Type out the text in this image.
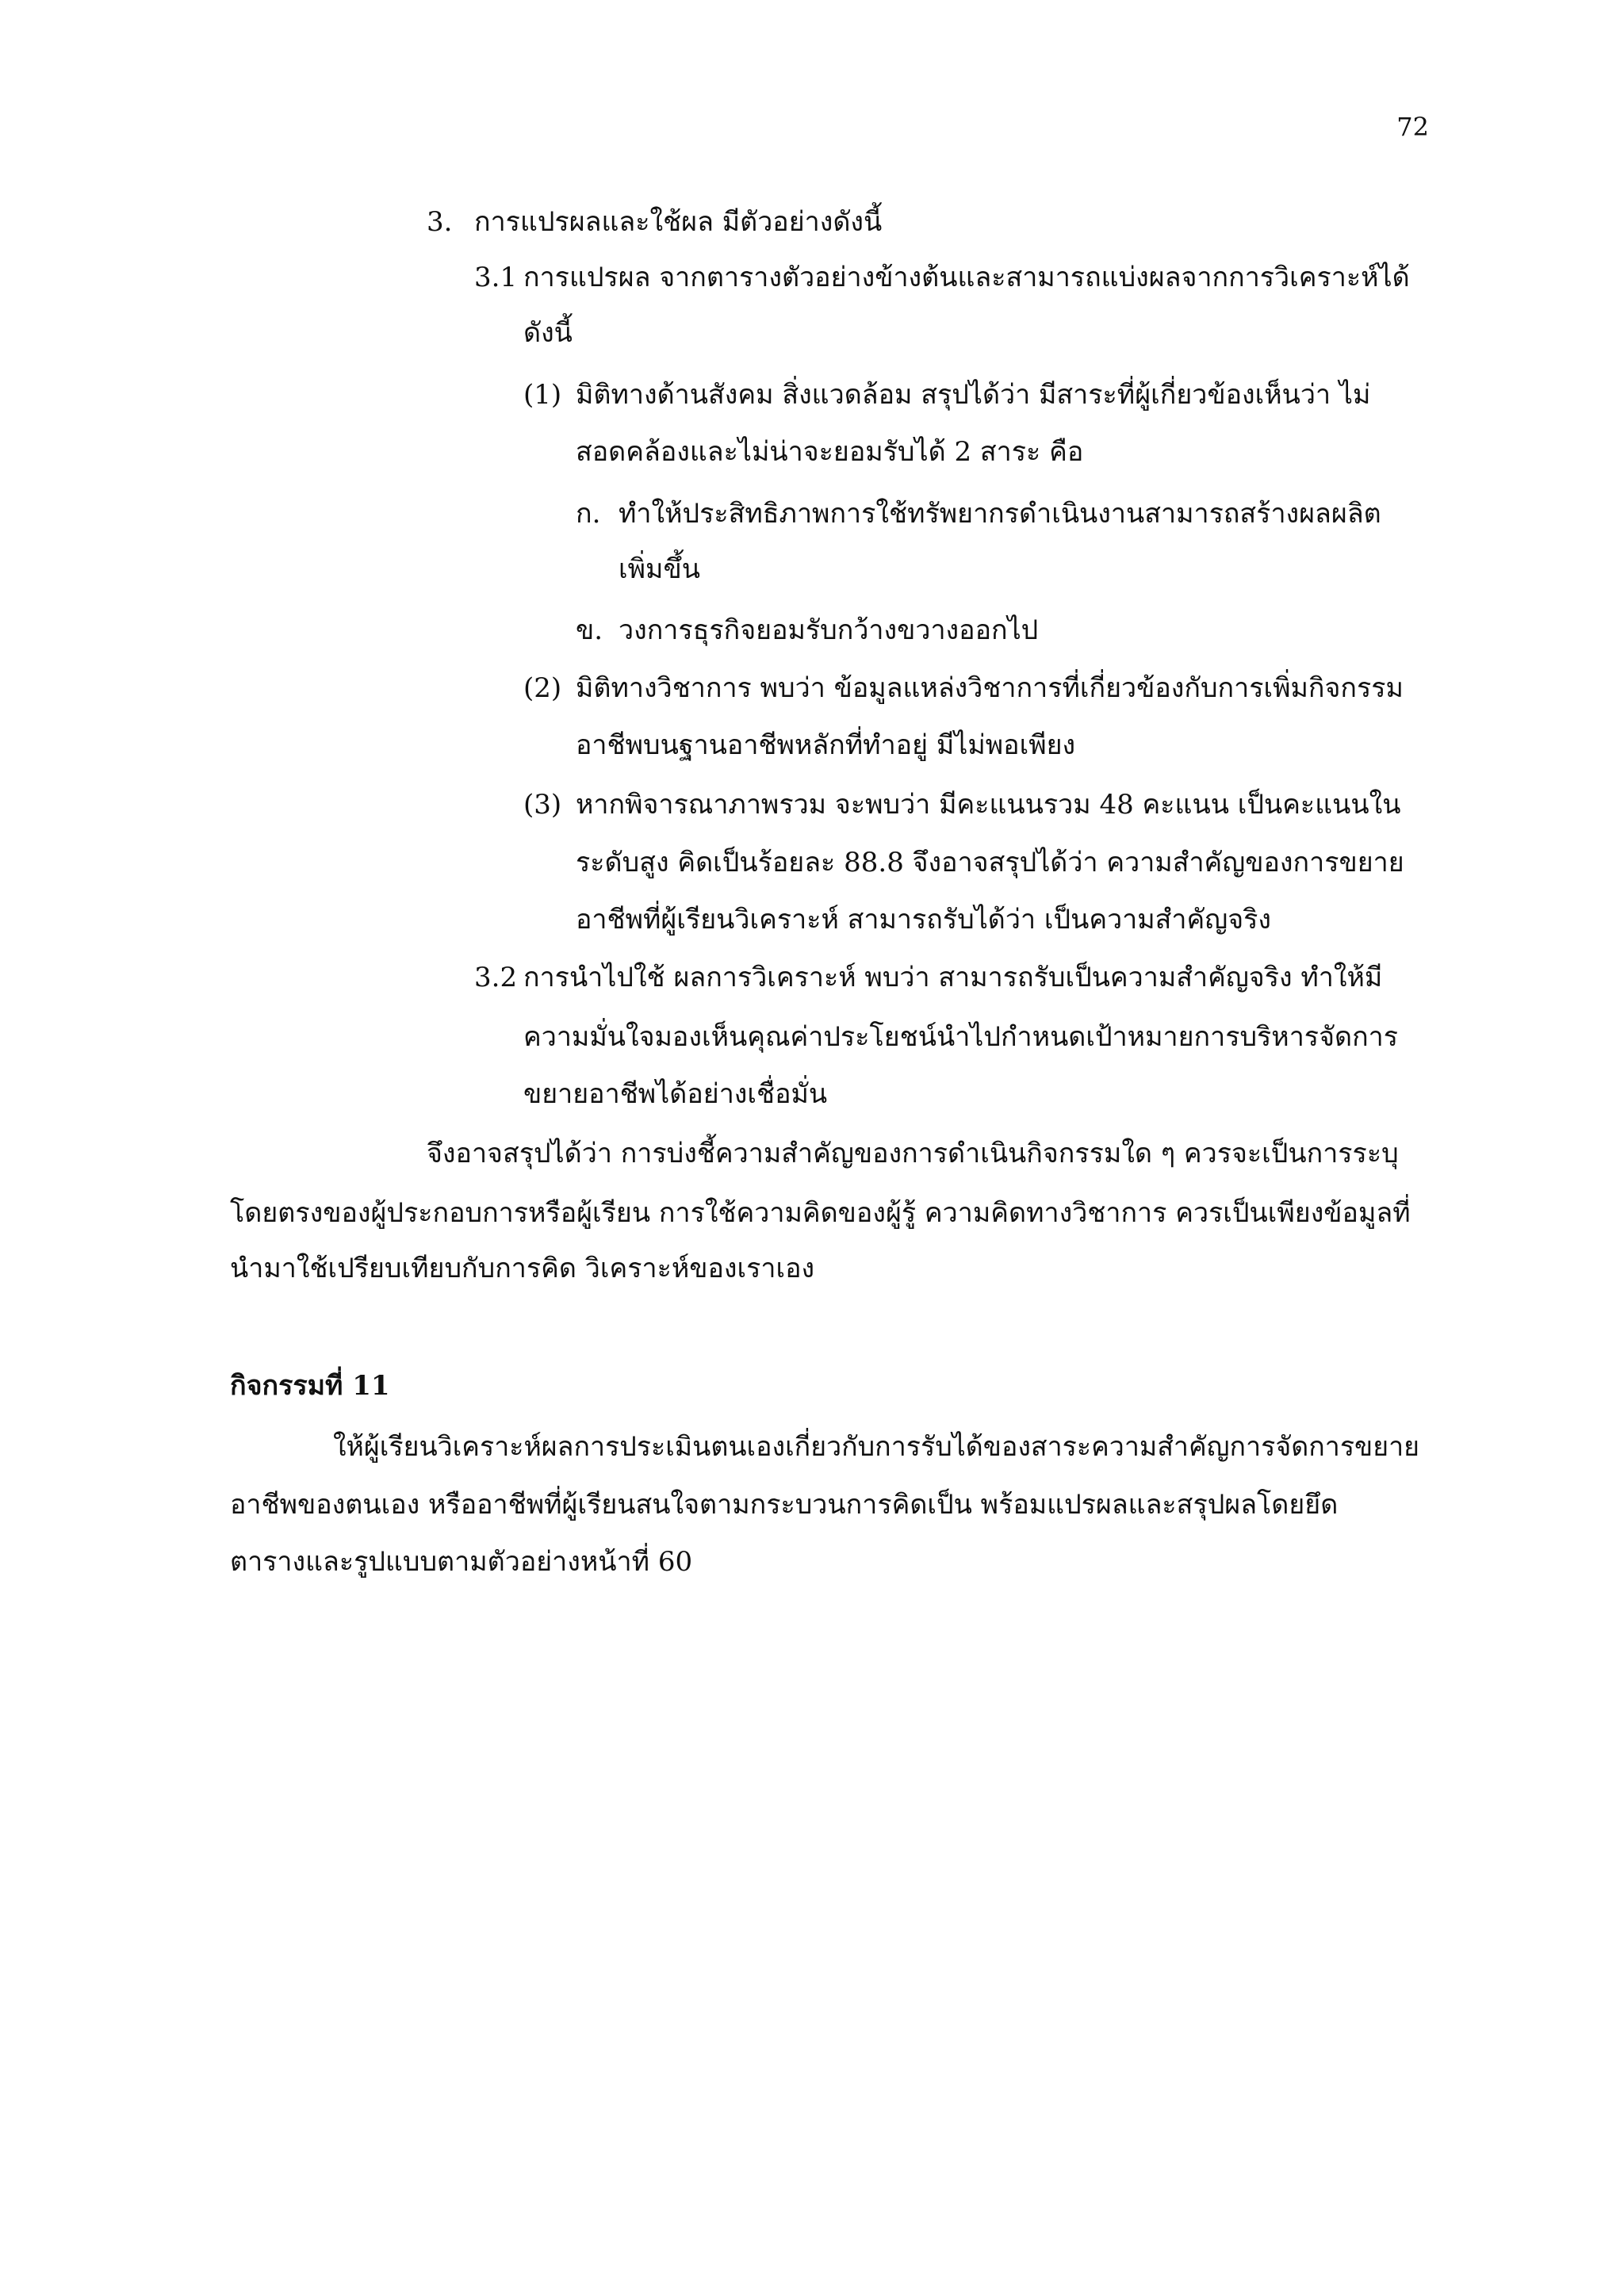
72
3. การแปรผลและใช้ผล มีตัวอย่างดังนี้
3.1 การแปรผล จากตารางตัวอย่างข้างต้นและสามารถแบ่งผลจากการวิเคราะห์ได้
ดังนี้
(1) มิติทางด้านสังคม สิ่งแวดล้อม สรุปได้ว่า มีสาระที่ผู้เกี่ยวข้องเห็นว่า ไม่
สอดคล้องและไม่น่าจะยอมรับได้ 2 สาระ คือ
ก. ทำให้ประสิทธิภาพการใช้ทรัพยากรดำเนินงานสามารถสร้างผลผลิต
เพิ่มขึ้น
ข. วงการธุรกิจยอมรับกว้างขวางออกไป
(2) มิติทางวิชาการ พบว่า ข้อมูลแหล่งวิชาการที่เกี่ยวข้องกับการเพิ่มกิจกรรม
อาชีพบนฐานอาชีพหลักที่ทำอยู่ มีไม่พอเพียง
(3) หากพิจารณาภาพรวม จะพบว่า มีคะแนนรวม 48 คะแนน เป็นคะแนนใน
ระดับสูง คิดเป็นร้อยละ 88.8 จึงอาจสรุปได้ว่า ความสำคัญของการขยาย
อาชีพที่ผู้เรียนวิเคราะห์ สามารถรับได้ว่า เป็นความสำคัญจริง
3.2 การนำไปใช้ ผลการวิเคราะห์ พบว่า สามารถรับเป็นความสำคัญจริง ทำให้มี
ความมั่นใจมองเห็นคุณค่าประโยชน์นำไปกำหนดเป้าหมายการบริหารจัดการ
ขยายอาชีพได้อย่างเชื่อมั่น
จึงอาจสรุปได้ว่า การบ่งชี้ความสำคัญของการดำเนินกิจกรรมใด ๆ ควรจะเป็นการระบุ
โดยตรงของผู้ประกอบการหรือผู้เรียน การใช้ความคิดของผู้รู้ ความคิดทางวิชาการ ควรเป็นเพียงข้อมูลที่
นำมาใช้เปรียบเทียบกับการคิด วิเคราะห์ของเราเอง
กิจกรรมที่ 11
ให้ผู้เรียนวิเคราะห์ผลการประเมินตนเองเกี่ยวกับการรับได้ของสาระความสำคัญการจัดการขยาย
อาชีพของตนเอง หรืออาชีพที่ผู้เรียนสนใจตามกระบวนการคิดเป็น พร้อมแปรผลและสรุปผลโดยยึด
ตารางและรูปแบบตามตัวอย่างหน้าที่ 60
